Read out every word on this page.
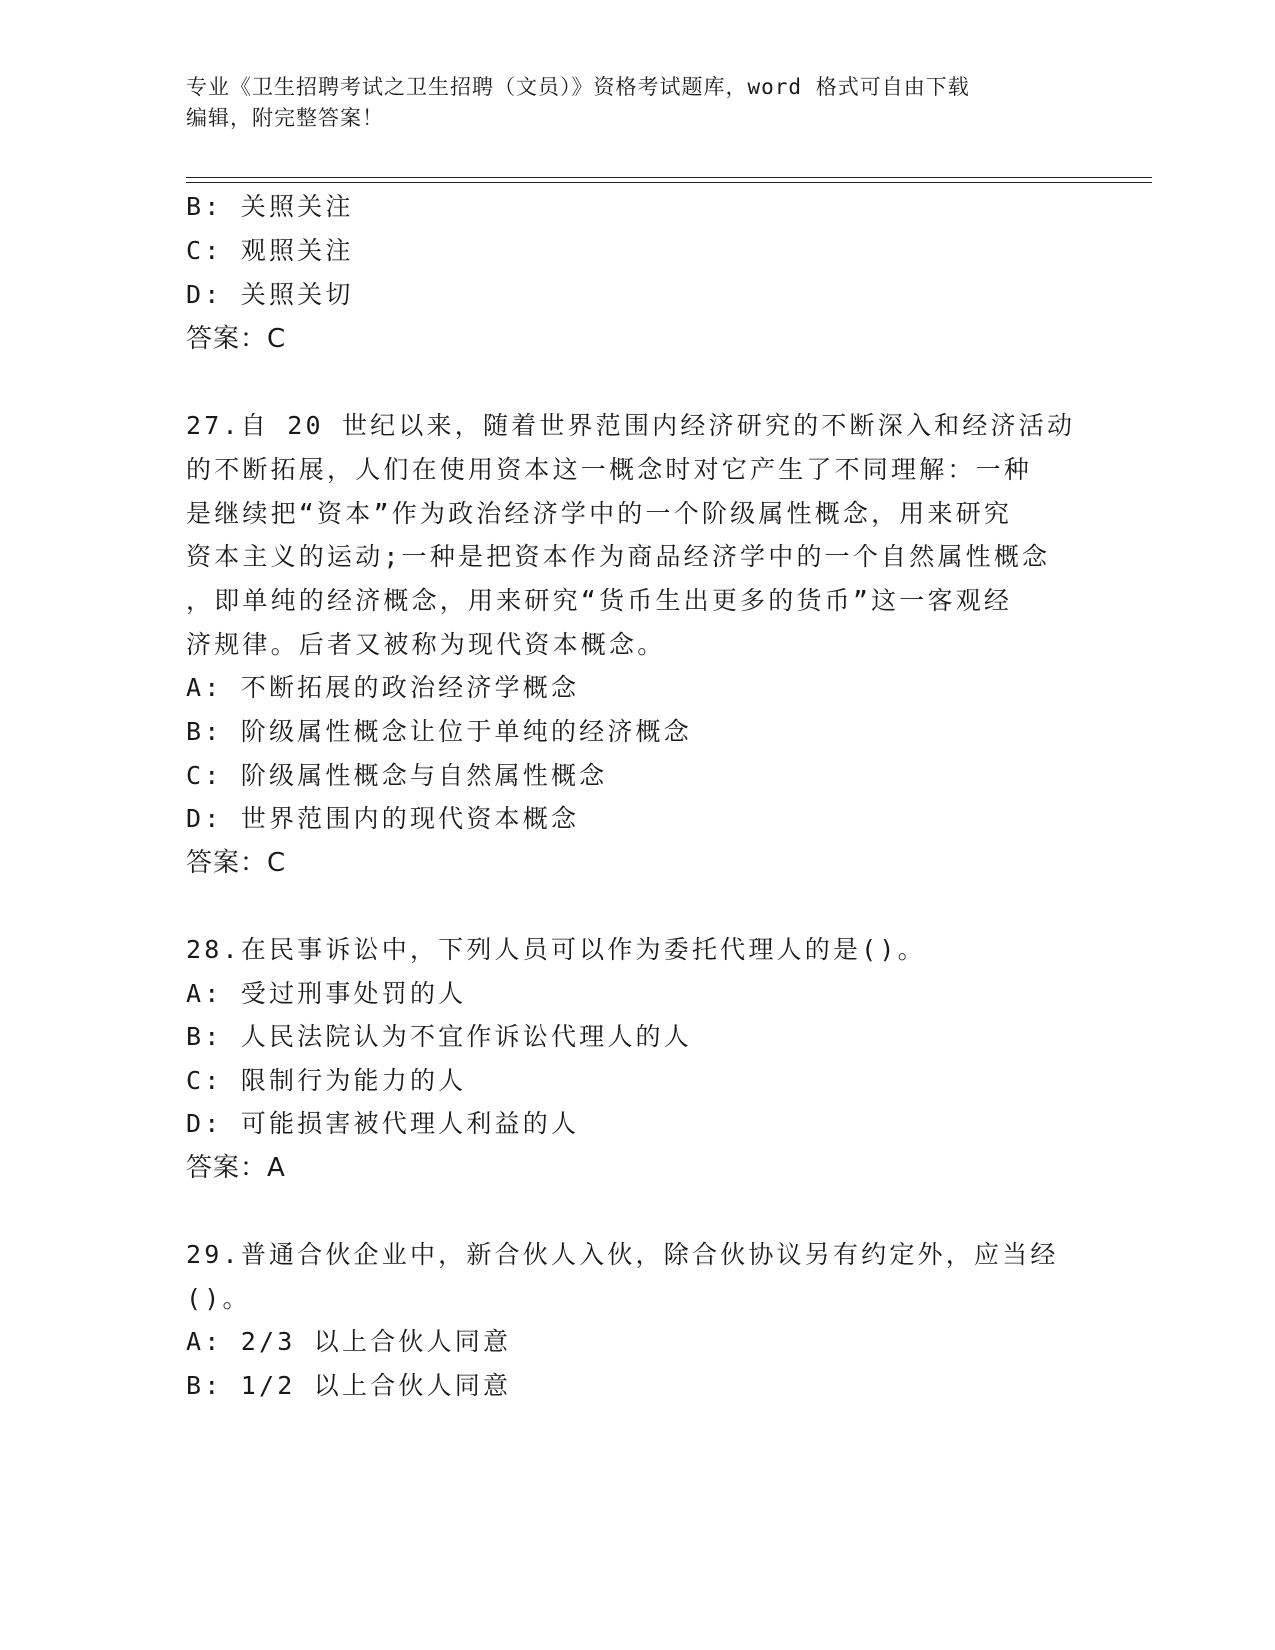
专业《卫生招聘考试之卫生招聘（文员）》资格考试题库，word 格式可自由下载
编辑，附完整答案！
B: 关照关注
C: 观照关注
D: 关照关切
答案：C
27.自 20 世纪以来，随着世界范围内经济研究的不断深入和经济活动
的不断拓展，人们在使用资本这一概念时对它产生了不同理解：一种
是继续把“资本”作为政治经济学中的一个阶级属性概念，用来研究
资本主义的运动;一种是把资本作为商品经济学中的一个自然属性概念
，即单纯的经济概念，用来研究“货币生出更多的货币”这一客观经
济规律。后者又被称为现代资本概念。
A: 不断拓展的政治经济学概念
B: 阶级属性概念让位于单纯的经济概念
C: 阶级属性概念与自然属性概念
D: 世界范围内的现代资本概念
答案：C
28.在民事诉讼中，下列人员可以作为委托代理人的是()。
A: 受过刑事处罚的人
B: 人民法院认为不宜作诉讼代理人的人
C: 限制行为能力的人
D: 可能损害被代理人利益的人
答案：A
29.普通合伙企业中，新合伙人入伙，除合伙协议另有约定外，应当经
()。
A: 2/3 以上合伙人同意
B: 1/2 以上合伙人同意
